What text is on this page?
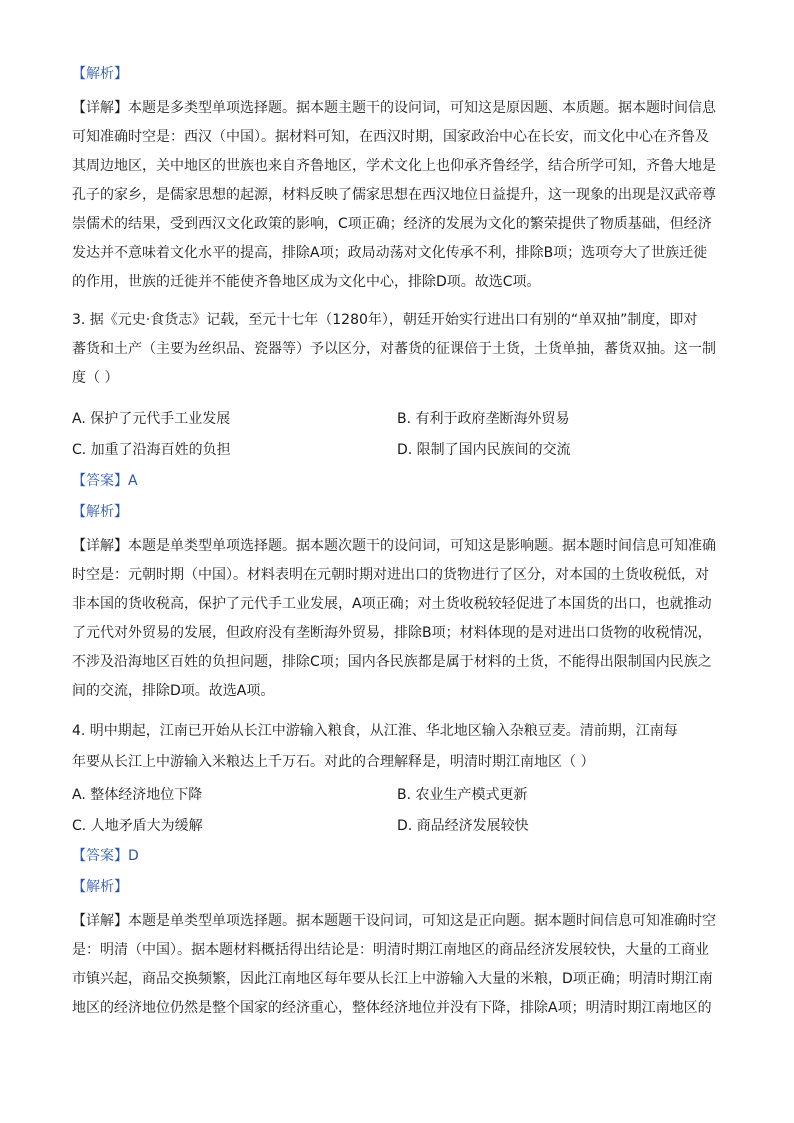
【解析】
【详解】本题是多类型单项选择题。据本题主题干的设问词，可知这是原因题、本质题。据本题时间信息
可知准确时空是：西汉（中国）。据材料可知，在西汉时期，国家政治中心在长安，而文化中心在齐鲁及
其周边地区，关中地区的世族也来自齐鲁地区，学术文化上也仰承齐鲁经学，结合所学可知，齐鲁大地是
孔子的家乡，是儒家思想的起源，材料反映了儒家思想在西汉地位日益提升，这一现象的出现是汉武帝尊
崇儒术的结果，受到西汉文化政策的影响，C项正确；经济的发展为文化的繁荣提供了物质基础，但经济
发达并不意味着文化水平的提高，排除A项；政局动荡对文化传承不利，排除B项；选项夸大了世族迁徙
的作用，世族的迁徙并不能使齐鲁地区成为文化中心，排除D项。故选C项。
3. 据《元史·食货志》记载，至元十七年（1280年），朝廷开始实行进出口有别的“单双抽”制度，即对
蕃货和土产（主要为丝织品、瓷器等）予以区分，对蕃货的征课倍于土货，土货单抽，蕃货双抽。这一制
度（ ）
A. 保护了元代手工业发展	B. 有利于政府垄断海外贸易
C. 加重了沿海百姓的负担	D. 限制了国内民族间的交流
【答案】A
【解析】
【详解】本题是单类型单项选择题。据本题次题干的设问词，可知这是影响题。据本题时间信息可知准确
时空是：元朝时期（中国）。材料表明在元朝时期对进出口的货物进行了区分，对本国的土货收税低，对
非本国的货收税高，保护了元代手工业发展，A项正确；对土货收税较轻促进了本国货的出口，也就推动
了元代对外贸易的发展，但政府没有垄断海外贸易，排除B项；材料体现的是对进出口货物的收税情况，
不涉及沿海地区百姓的负担问题，排除C项；国内各民族都是属于材料的土货，不能得出限制国内民族之
间的交流，排除D项。故选A项。
4. 明中期起，江南已开始从长江中游输入粮食，从江淮、华北地区输入杂粮豆麦。清前期，江南每
年要从长江上中游输入米粮达上千万石。对此的合理解释是，明清时期江南地区（ ）
A. 整体经济地位下降	B. 农业生产模式更新
C. 人地矛盾大为缓解	D. 商品经济发展较快
【答案】D
【解析】
【详解】本题是单类型单项选择题。据本题题干设问词，可知这是正向题。据本题时间信息可知准确时空
是：明清（中国）。据本题材料概括得出结论是：明清时期江南地区的商品经济发展较快，大量的工商业
市镇兴起，商品交换频繁，因此江南地区每年要从长江上中游输入大量的米粮，D项正确；明清时期江南
地区的经济地位仍然是整个国家的经济重心，整体经济地位并没有下降，排除A项；明清时期江南地区的
